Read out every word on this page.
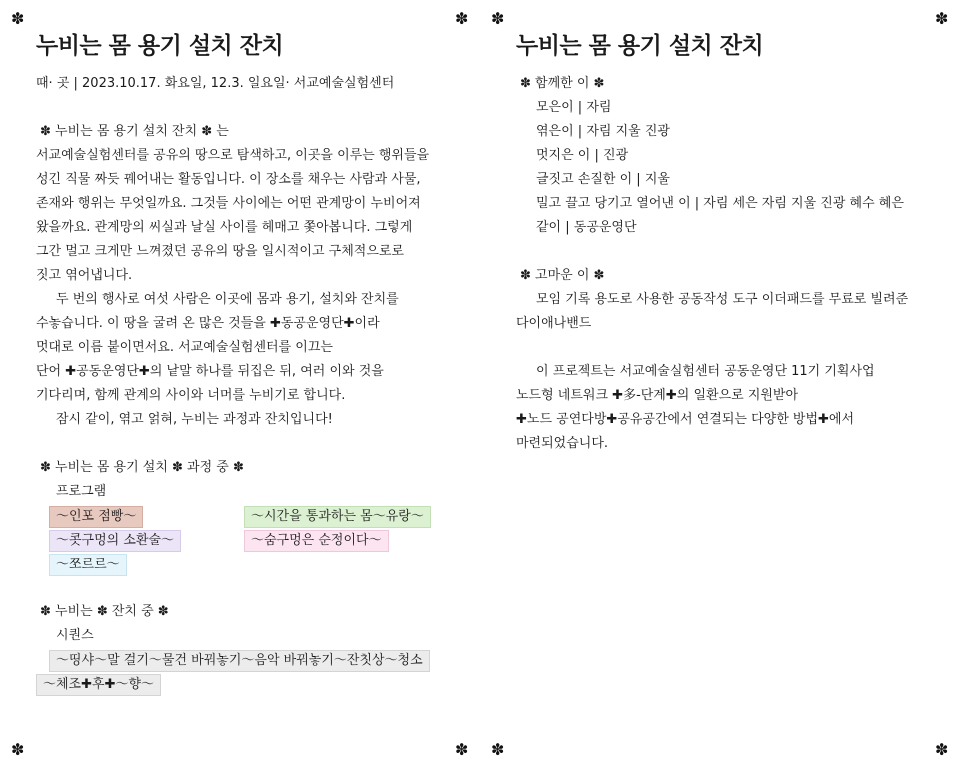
✽	✽ ✽	✽
✽	✽ ✽	✽
누비는 몸 용기 설치 잔치

때· 곳 | 2023.10.17. 화요일, 12.3. 일요일· 서교예술실험센터

✽ 누비는 몸 용기 설치 잔치 ✽ 는

서교예술실험센터를 공유의 땅으로 탐색하고, 이곳을 이루는 행위들을

성긴 직물 짜듯 꿰어내는 활동입니다. 이 장소를 채우는 사람과 사물,

존재와 행위는 무엇일까요. 그것들 사이에는 어떤 관계망이 누비어져

왔을까요. 관계망의 씨실과 날실 사이를 헤매고 쫓아봅니다. 그렇게

그간 멀고 크게만 느껴졌던 공유의 땅을 일시적이고 구체적으로로

짓고 엮어냅니다.

두 번의 행사로 여섯 사람은 이곳에 몸과 용기, 설치와 잔치를

수놓습니다. 이 땅을 굴려 온 많은 것들을 ✚동공운영단✚이라

멋대로 이름 붙이면서요. 서교예술실험센터를 이끄는

단어 ✚공동운영단✚의 낱말 하나를 뒤집은 뒤, 여러 이와 것을

기다리며, 함께 관계의 사이와 너머를 누비기로 합니다.

잠시 같이, 엮고 얽혀, 누비는 과정과 잔치입니다!

✽ 누비는 몸 용기 설치 ✽ 과정 중 ✽

프로그램

～인포 점빵～	～시간을 통과하는 몸～유랑～
～콧구멍의 소환술～	～숨구멍은 순정이다～
～쪼르르～

✽ 누비는 ✽ 잔치 중 ✽

시퀀스

～띵샤～말 걸기～물건 바꿔놓기～음악 바꿔놓기～잔칫상～청소
～체조✚후✚～향～
누비는 몸 용기 설치 잔치

✽ 함께한 이 ✽

모은이 | 자림

엮은이 | 자림 지울 진광

멋지은 이 | 진광

글짓고 손질한 이 | 지울

밀고 끌고 당기고 열어낸 이 | 자림 세은 자림 지울 진광 혜수 혜은

같이 | 동공운영단

✽ 고마운 이 ✽

모임 기록 용도로 사용한 공동작성 도구 이더패드를 무료로 빌려준

다이애나밴드

이 프로젝트는 서교예술실험센터 공동운영단 11기 기획사업

노드형 네트워크 ✚多-단계✚의 일환으로 지원받아

✚노드 공연다방✚공유공간에서 연결되는 다양한 방법✚에서

마련되었습니다.
